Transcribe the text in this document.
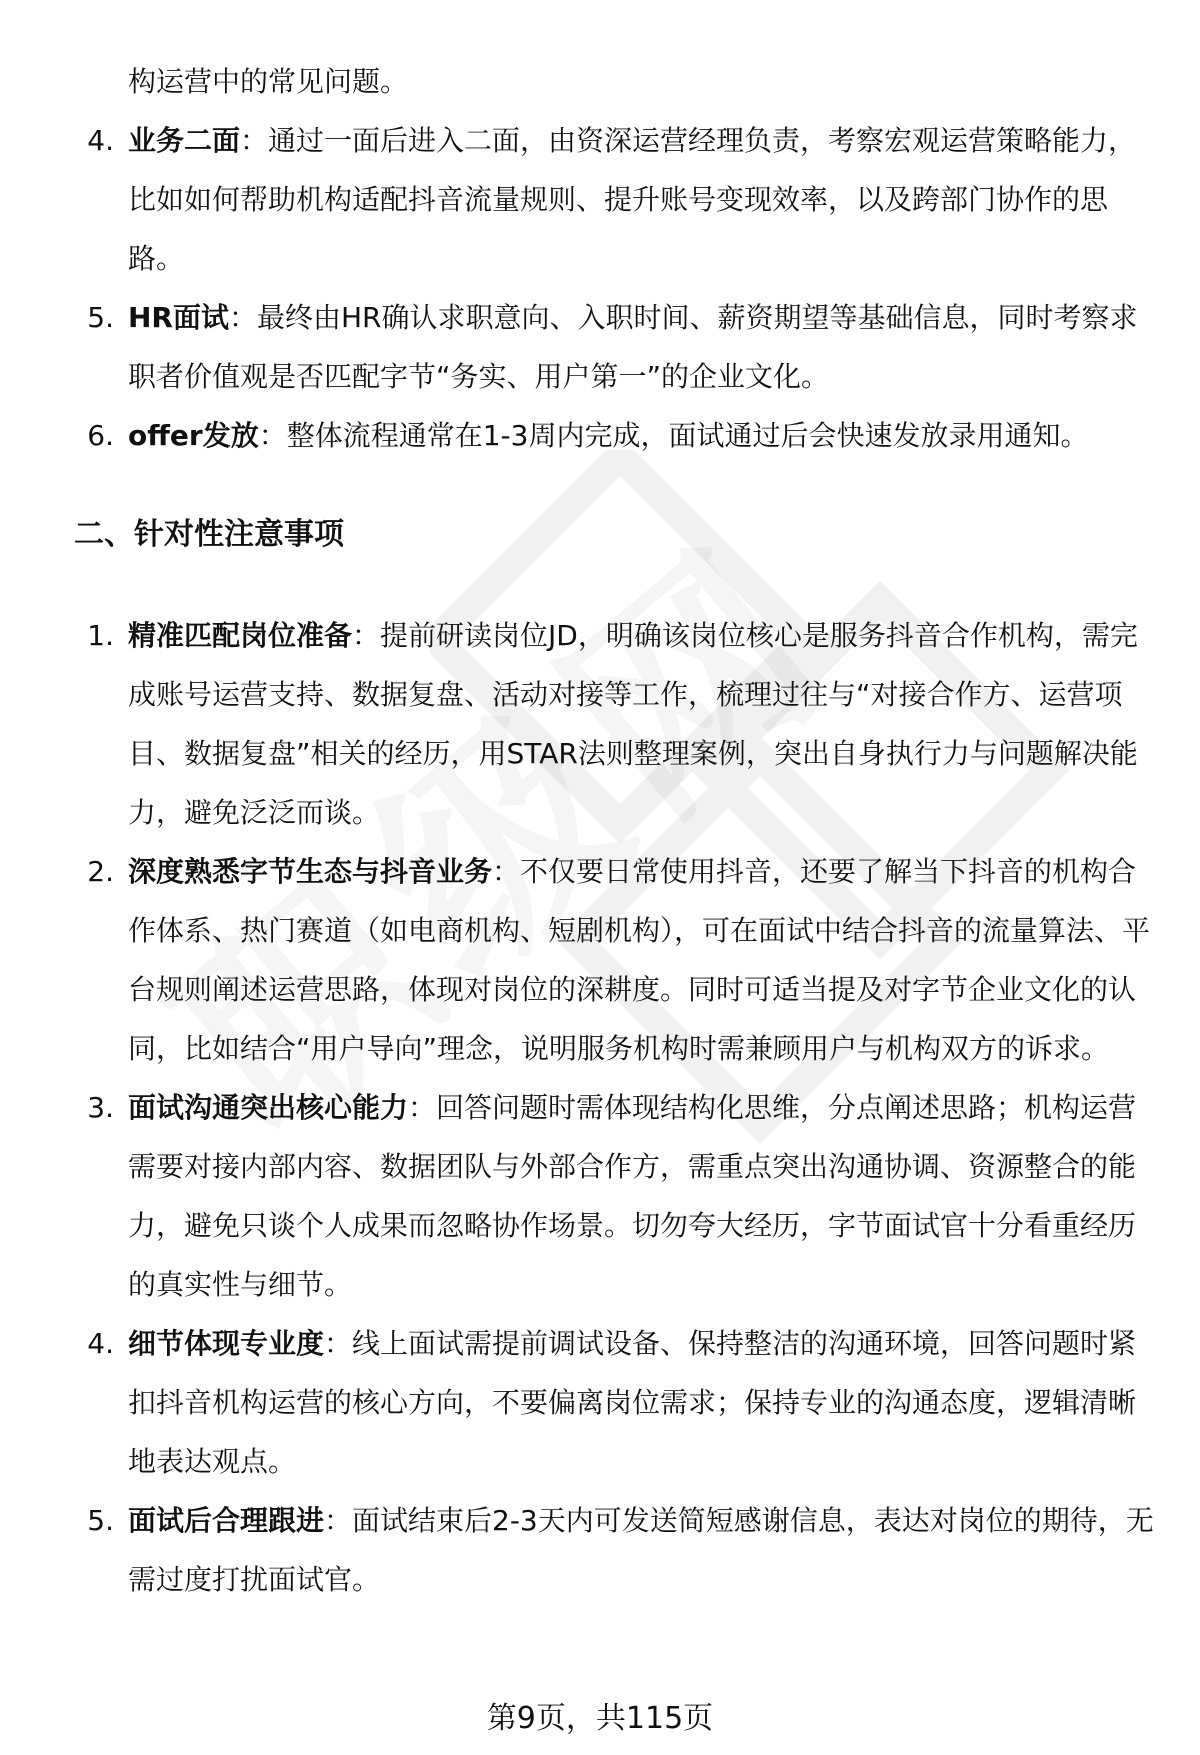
构运营中的常见问题。
4. 业务二面：通过一面后进入二面，由资深运营经理负责，考察宏观运营策略能力，比如如何帮助机构适配抖音流量规则、提升账号变现效率，以及跨部门协作的思路。
5. HR面试：最终由HR确认求职意向、入职时间、薪资期望等基础信息，同时考察求职者价值观是否匹配字节“务实、用户第一”的企业文化。
6. offer发放：整体流程通常在1-3周内完成，面试通过后会快速发放录用通知。
二、针对性注意事项
1. 精准匹配岗位准备：提前研读岗位JD，明确该岗位核心是服务抖音合作机构，需完成账号运营支持、数据复盘、活动对接等工作，梳理过往与“对接合作方、运营项目、数据复盘”相关的经历，用STAR法则整理案例，突出自身执行力与问题解决能力，避免泛泛而谈。
2. 深度熟悉字节生态与抖音业务：不仅要日常使用抖音，还要了解当下抖音的机构合作体系、热门赛道（如电商机构、短剧机构），可在面试中结合抖音的流量算法、平台规则阐述运营思路，体现对岗位的深耕度。同时可适当提及对字节企业文化的认同，比如结合“用户导向”理念，说明服务机构时需兼顾用户与机构双方的诉求。
3. 面试沟通突出核心能力：回答问题时需体现结构化思维，分点阐述思路；机构运营需要对接内部内容、数据团队与外部合作方，需重点突出沟通协调、资源整合的能力，避免只谈个人成果而忽略协作场景。切勿夸大经历，字节面试官十分看重经历的真实性与细节。
4. 细节体现专业度：线上面试需提前调试设备、保持整洁的沟通环境，回答问题时紧扣抖音机构运营的核心方向，不要偏离岗位需求；保持专业的沟通态度，逻辑清晰地表达观点。
5. 面试后合理跟进：面试结束后2-3天内可发送简短感谢信息，表达对岗位的期待，无需过度打扰面试官。
第9页，共115页
